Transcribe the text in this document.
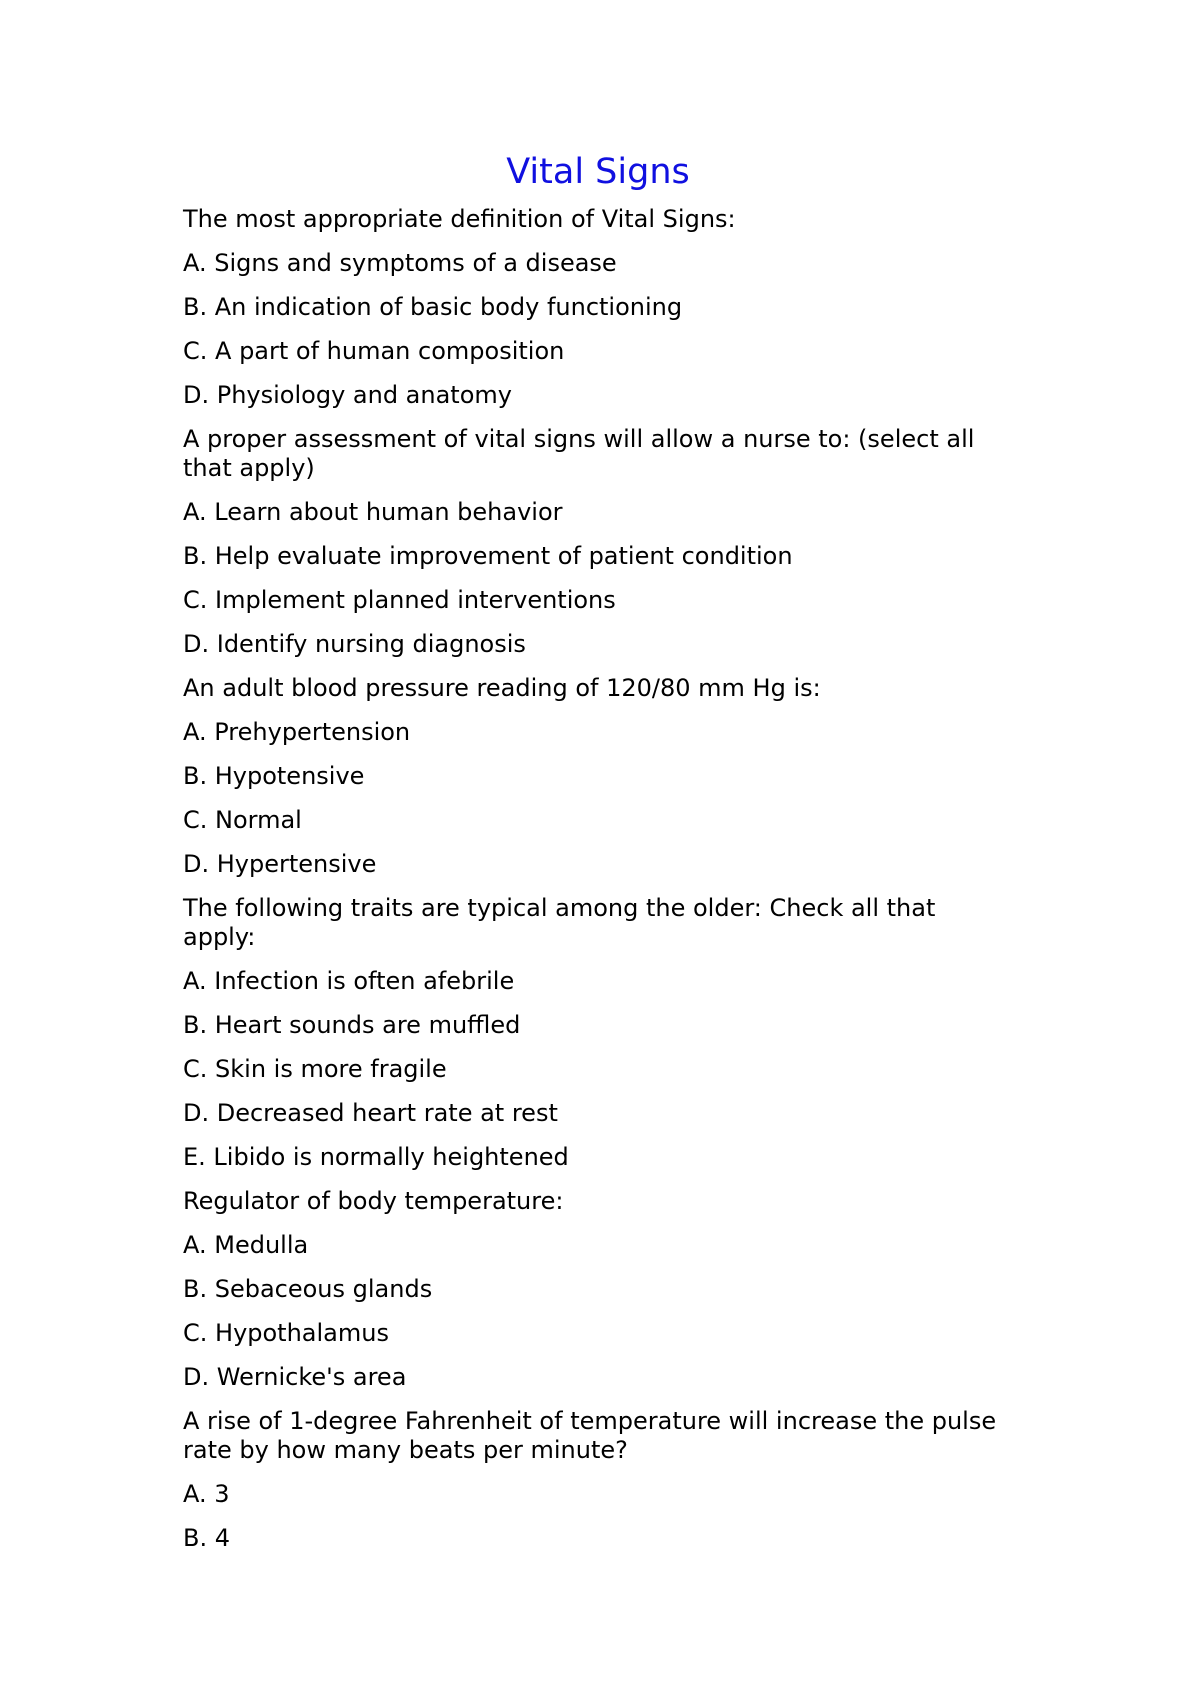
Vital Signs

The most appropriate definition of Vital Signs:

A. Signs and symptoms of a disease

B. An indication of basic body functioning

C. A part of human composition

D. Physiology and anatomy

A proper assessment of vital signs will allow a nurse to: (select all that apply)

A. Learn about human behavior

B. Help evaluate improvement of patient condition

C. Implement planned interventions

D. Identify nursing diagnosis

An adult blood pressure reading of 120/80 mm Hg is:

A. Prehypertension

B. Hypotensive

C. Normal

D. Hypertensive

The following traits are typical among the older: Check all that apply:

A. Infection is often afebrile

B. Heart sounds are muffled

C. Skin is more fragile

D. Decreased heart rate at rest

E. Libido is normally heightened

Regulator of body temperature:

A. Medulla

B. Sebaceous glands

C. Hypothalamus

D. Wernicke's area

A rise of 1-degree Fahrenheit of temperature will increase the pulse rate by how many beats per minute?

A. 3

B. 4
